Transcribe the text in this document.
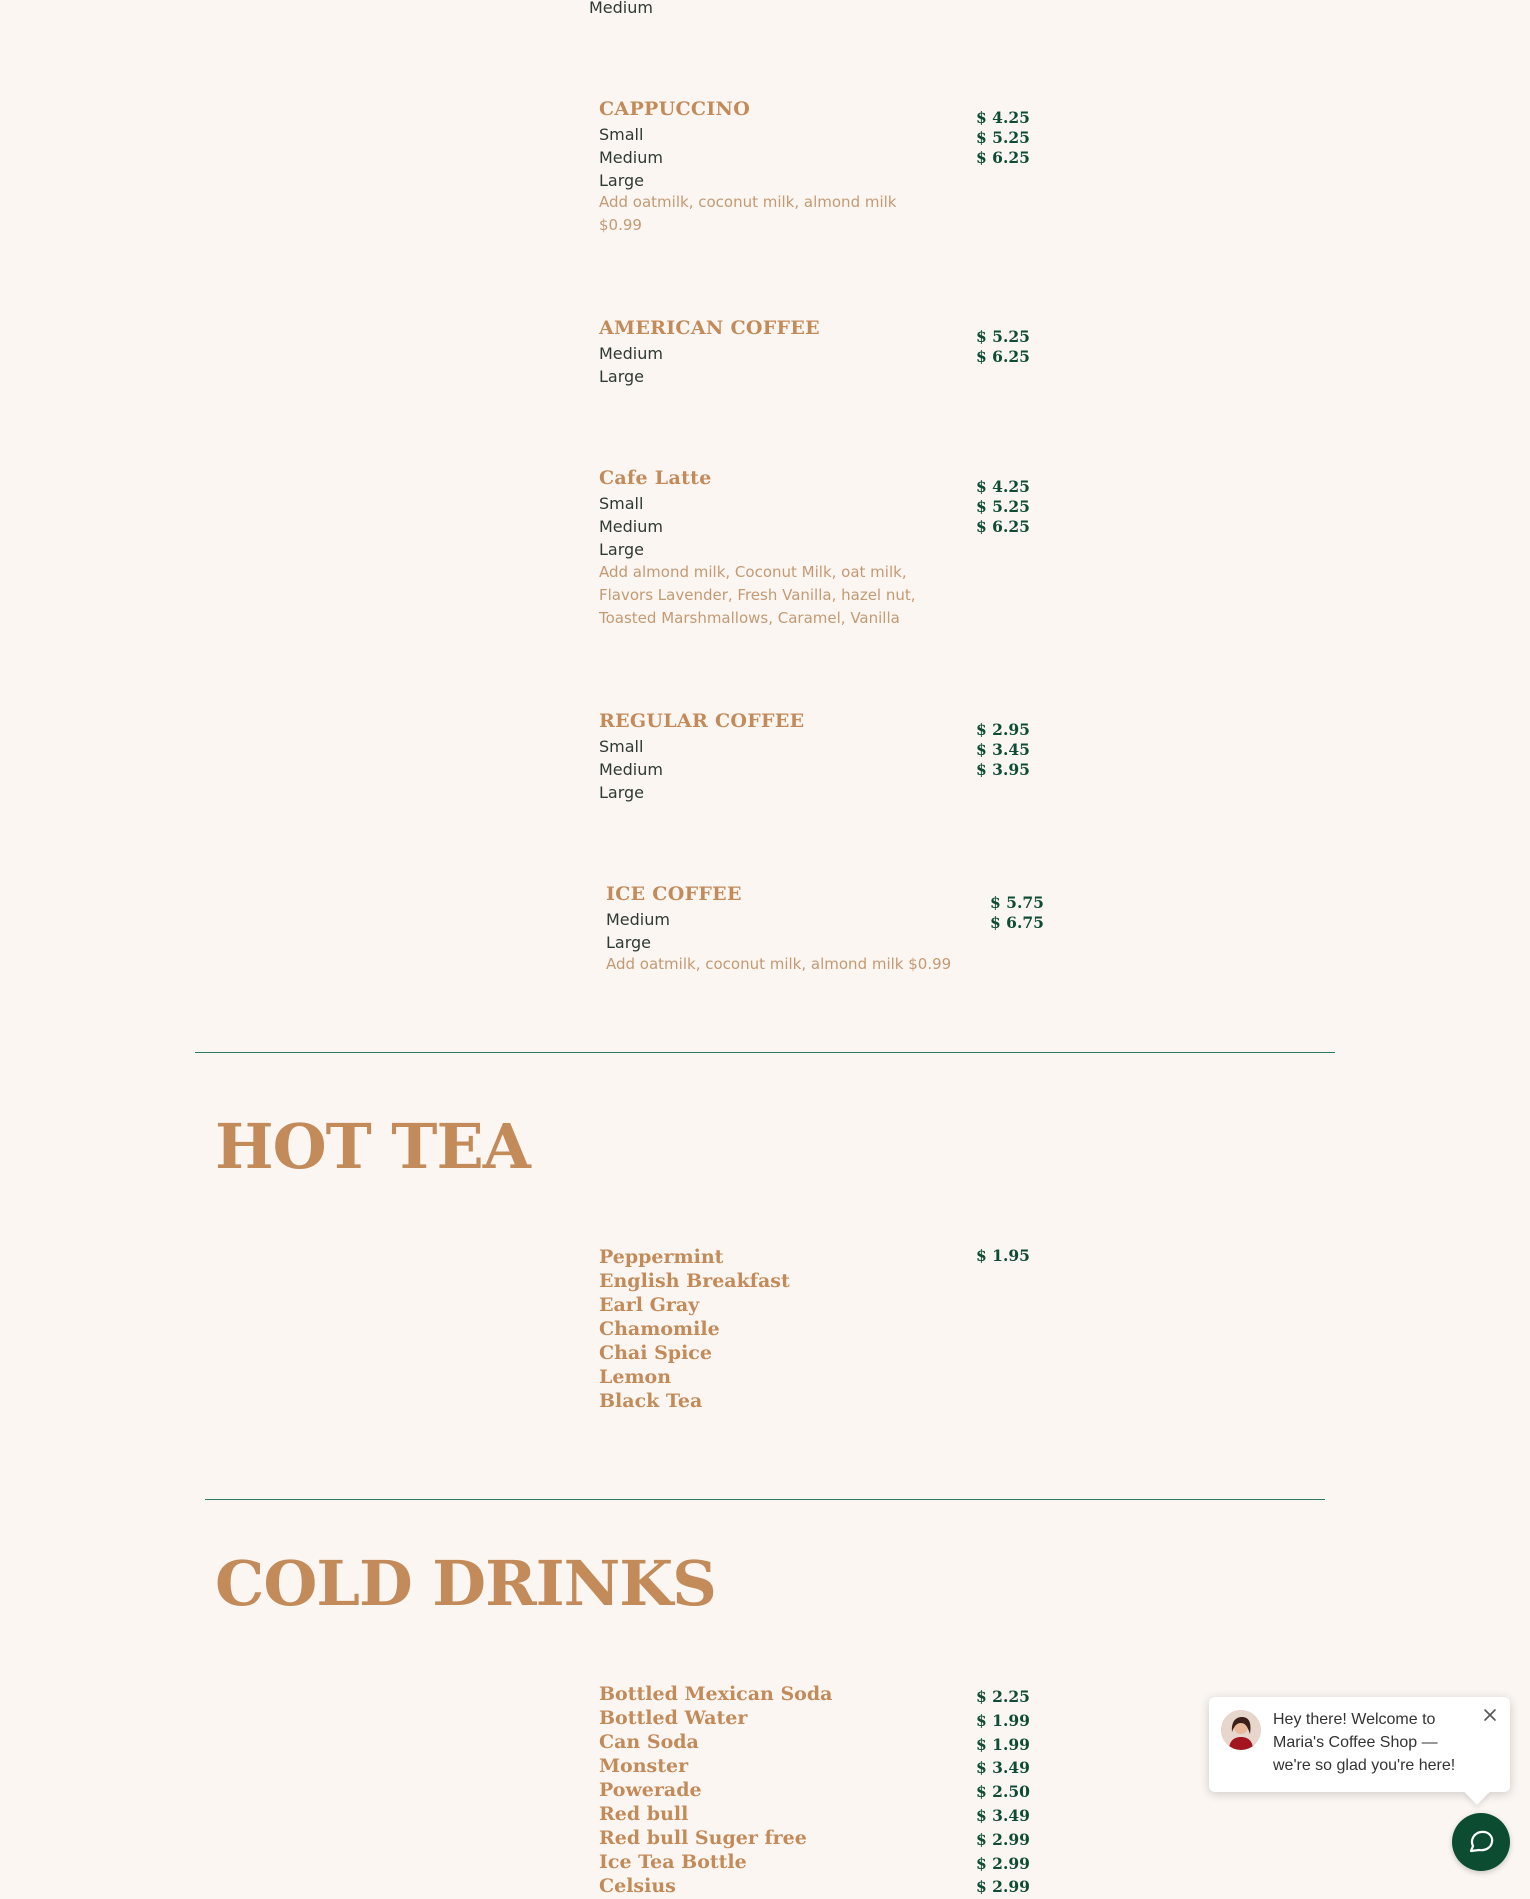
Medium
CAPPUCCINO
Small
Medium
Large
Add oatmilk, coconut milk, almond milk
$0.99
$ 4.25
$ 5.25
$ 6.25
AMERICAN COFFEE
Medium
Large
$ 5.25
$ 6.25
Cafe Latte
Small
Medium
Large
Add almond milk, Coconut Milk, oat milk,
Flavors Lavender, Fresh Vanilla, hazel nut,
Toasted Marshmallows, Caramel, Vanilla
$ 4.25
$ 5.25
$ 6.25
REGULAR COFFEE
Small
Medium
Large
$ 2.95
$ 3.45
$ 3.95
ICE COFFEE
Medium
Large
Add oatmilk, coconut milk, almond milk $0.99
$ 5.75
$ 6.75
HOT TEA
Peppermint
English Breakfast
Earl Gray
Chamomile
Chai Spice
Lemon
Black Tea
$ 1.95
COLD DRINKS
Bottled Mexican Soda
Bottled Water
Can Soda
Monster
Powerade
Red bull
Red bull Suger free
Ice Tea Bottle
Celsius
$ 2.25
$ 1.99
$ 1.99
$ 3.49
$ 2.50
$ 3.49
$ 2.99
$ 2.99
$ 2.99
Hey there! Welcome to Maria's Coffee Shop — we're so glad you're here!
